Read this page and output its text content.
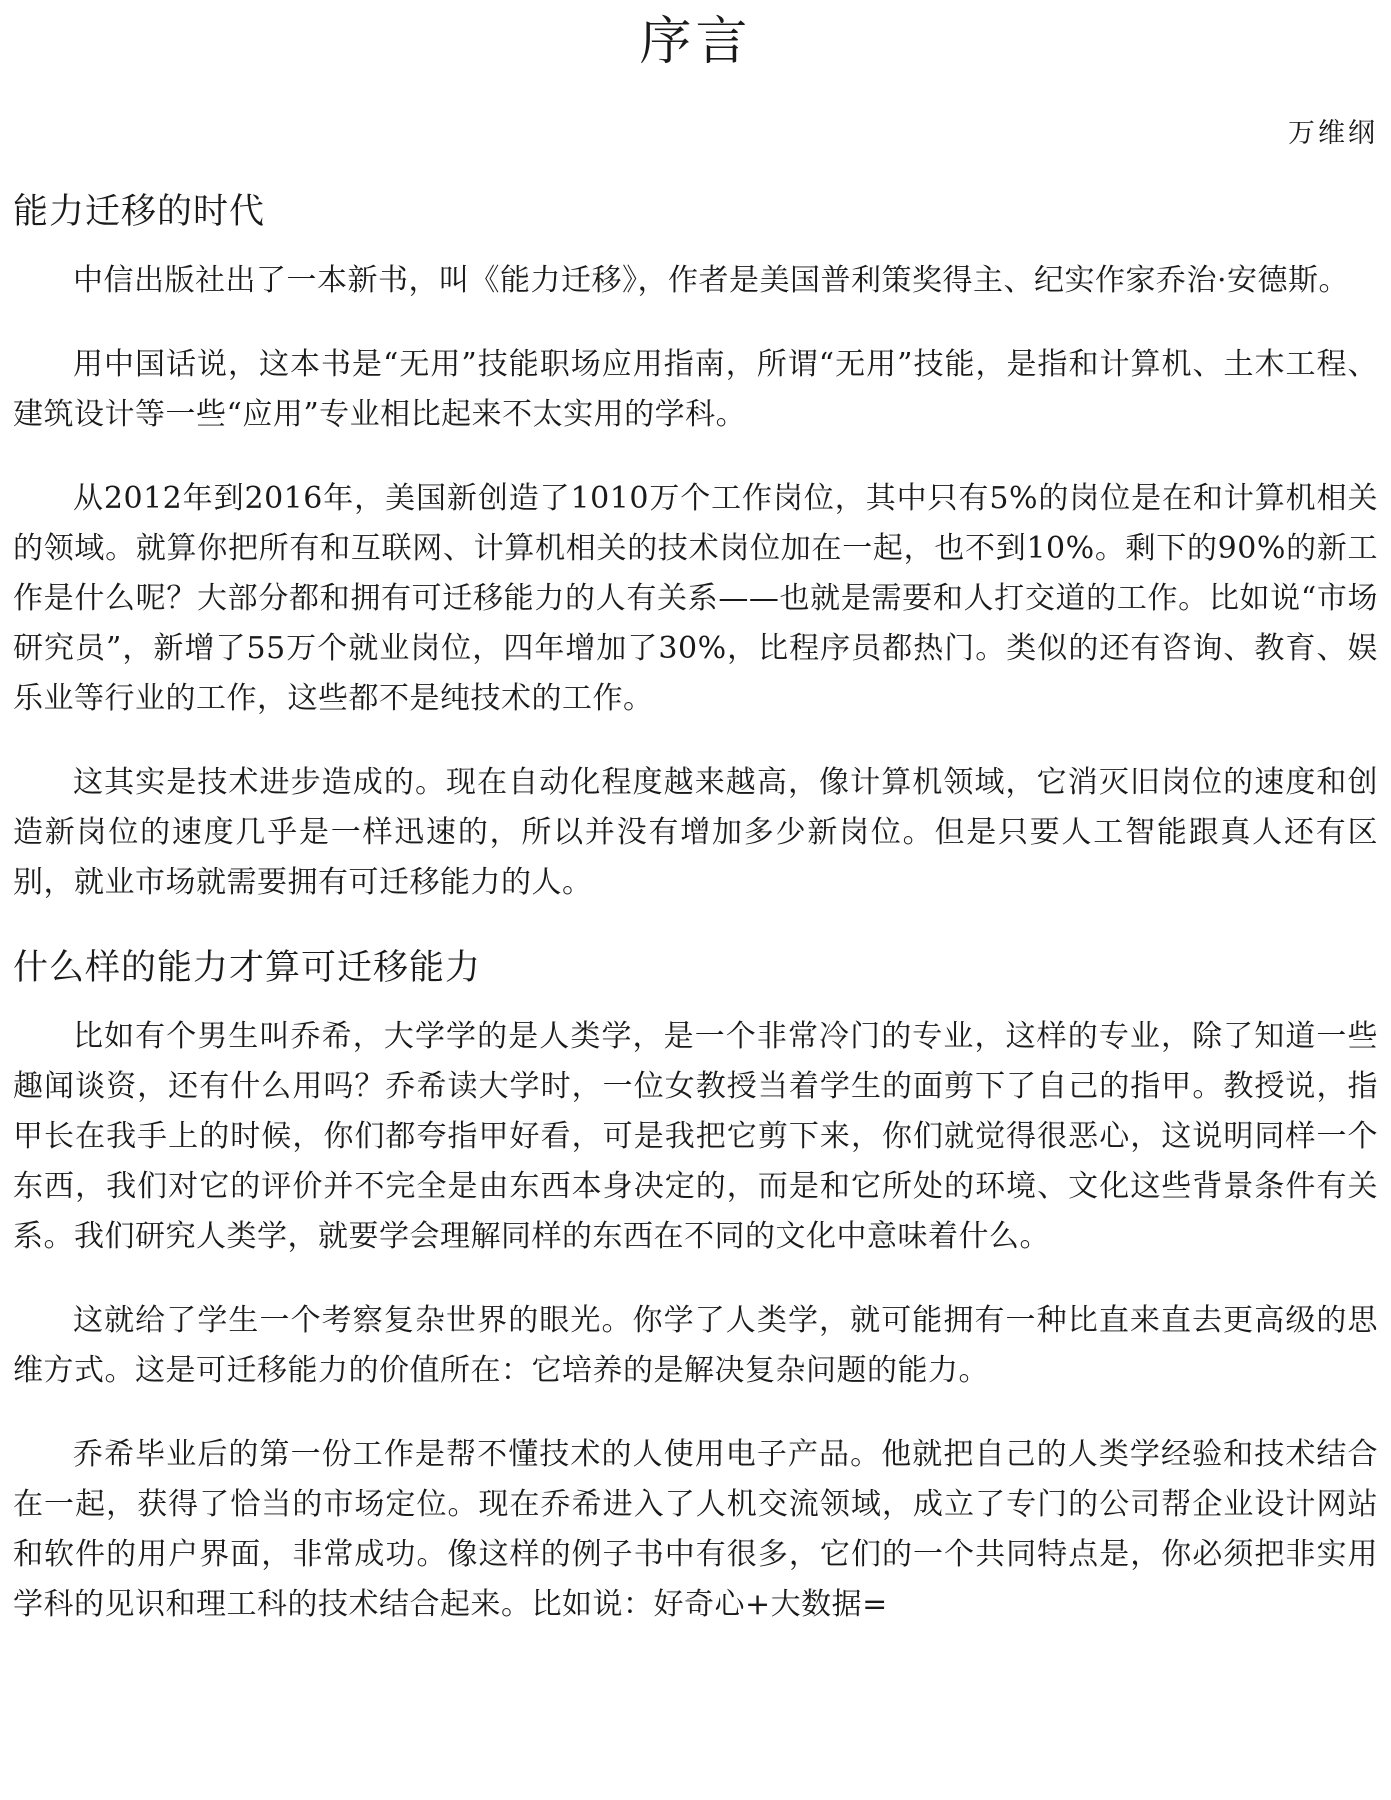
序言
万维纲
能力迁移的时代

中信出版社出了一本新书，叫《能力迁移》，作者是美国普利策奖得主、纪实作家乔治·安德斯。

用中国话说，这本书是“无用”技能职场应用指南，所谓“无用”技能，是指和计算机、土木工程、建筑设计等一些“应用”专业相比起来不太实用的学科。

从2012年到2016年，美国新创造了1010万个工作岗位，其中只有5%的岗位是在和计算机相关的领域。就算你把所有和互联网、计算机相关的技术岗位加在一起，也不到10%。剩下的90%的新工作是什么呢？大部分都和拥有可迁移能力的人有关系——也就是需要和人打交道的工作。比如说“市场研究员”，新增了55万个就业岗位，四年增加了30%，比程序员都热门。类似的还有咨询、教育、娱乐业等行业的工作，这些都不是纯技术的工作。

这其实是技术进步造成的。现在自动化程度越来越高，像计算机领域，它消灭旧岗位的速度和创造新岗位的速度几乎是一样迅速的，所以并没有增加多少新岗位。但是只要人工智能跟真人还有区别，就业市场就需要拥有可迁移能力的人。

什么样的能力才算可迁移能力

比如有个男生叫乔希，大学学的是人类学，是一个非常冷门的专业，这样的专业，除了知道一些趣闻谈资，还有什么用吗？乔希读大学时，一位女教授当着学生的面剪下了自己的指甲。教授说，指甲长在我手上的时候，你们都夸指甲好看，可是我把它剪下来，你们就觉得很恶心，这说明同样一个东西，我们对它的评价并不完全是由东西本身决定的，而是和它所处的环境、文化这些背景条件有关系。我们研究人类学，就要学会理解同样的东西在不同的文化中意味着什么。

这就给了学生一个考察复杂世界的眼光。你学了人类学，就可能拥有一种比直来直去更高级的思维方式。这是可迁移能力的价值所在：它培养的是解决复杂问题的能力。

乔希毕业后的第一份工作是帮不懂技术的人使用电子产品。他就把自己的人类学经验和技术结合在一起，获得了恰当的市场定位。现在乔希进入了人机交流领域，成立了专门的公司帮企业设计网站和软件的用户界面，非常成功。像这样的例子书中有很多，它们的一个共同特点是，你必须把非实用学科的见识和理工科的技术结合起来。比如说：好奇心+大数据=
